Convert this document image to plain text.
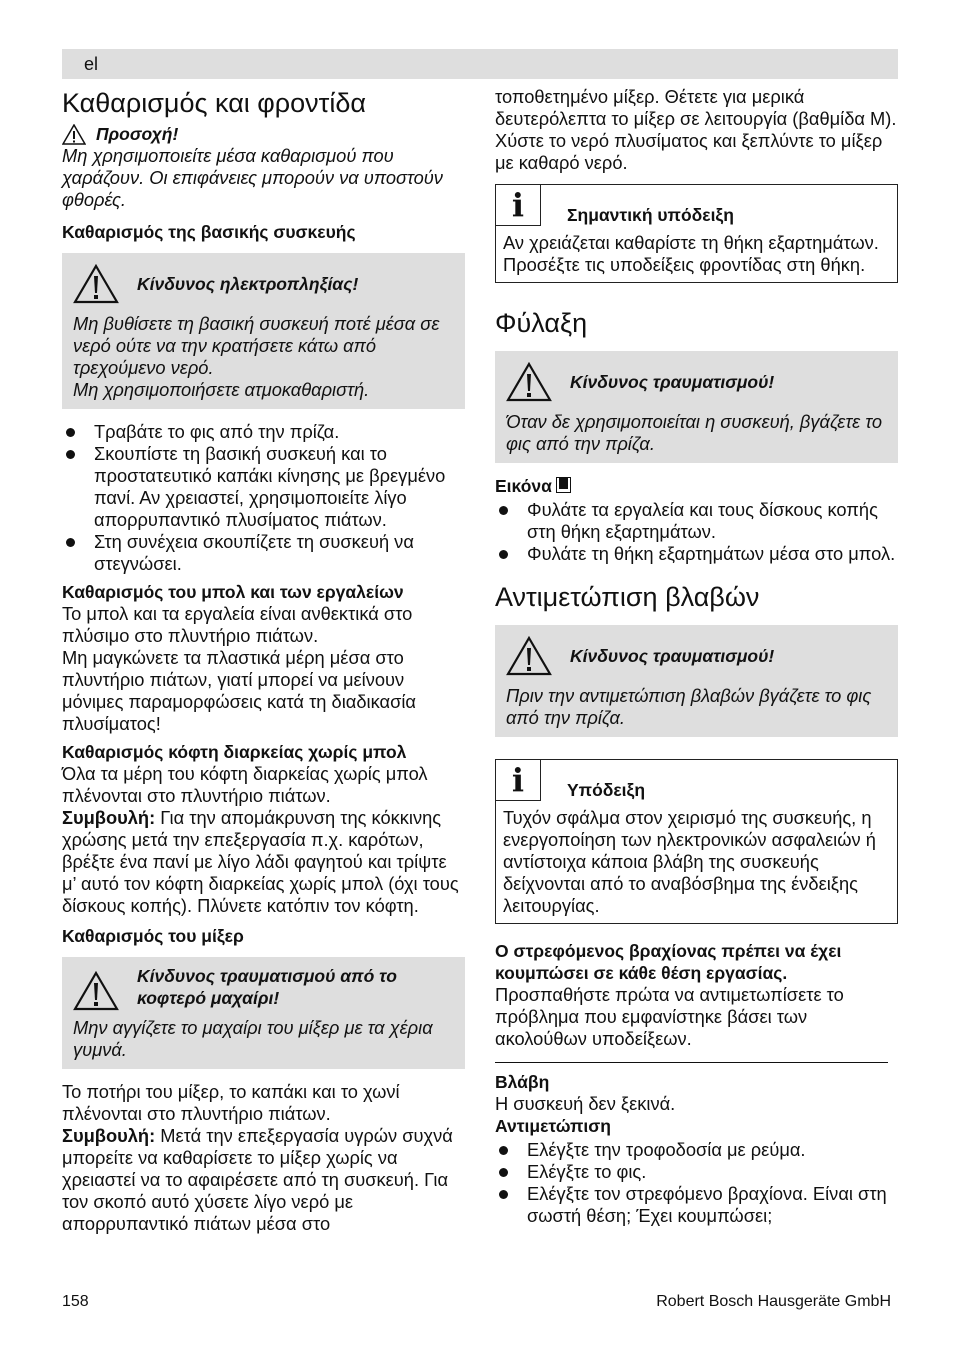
el
Καθαρισμός και φροντίδα
Προσοχή!

Μη χρησιμοποιείτε μέσα καθαρισμού που χαράζουν. Οι επιφάνειες μπορούν να υποστούν φθορές.

Καθαρισμός της βασικής συσκευής

Κίνδυνος ηλεκτροπληξίας!

Μη βυθίσετε τη βασική συσκευή ποτέ μέσα σε νερό ούτε να την κρατήσετε κάτω από τρεχούμενο νερό.

Μη χρησιμοποιήσετε ατμοκαθαριστή.

Τραβάτε το φις από την πρίζα.
Σκουπίστε τη βασική συσκευή και το προστατευτικό καπάκι κίνησης με βρεγμένο πανί. Αν χρειαστεί, χρησιμοποιείτε λίγο απορρυπαντικό πλυσίματος πιάτων.
Στη συνέχεια σκουπίζετε τη συσκευή να στεγνώσει.

Καθαρισμός του μπολ και των εργαλείων

Το μπολ και τα εργαλεία είναι ανθεκτικά στο πλύσιμο στο πλυντήριο πιάτων.

Μη μαγκώνετε τα πλαστικά μέρη μέσα στο πλυντήριο πιάτων, γιατί μπορεί να μείνουν μόνιμες παραμορφώσεις κατά τη διαδικασία πλυσίματος!

Καθαρισμός κόφτη διαρκείας χωρίς μπολ

Όλα τα μέρη του κόφτη διαρκείας χωρίς μπολ πλένονται στο πλυντήριο πιάτων.

Συμβουλή: Για την απομάκρυνση της κόκκινης χρώσης μετά την επεξεργασία π.χ. καρότων, βρέξτε ένα πανί με λίγο λάδι φαγητού και τρίψτε μ’ αυτό τον κόφτη διαρκείας χωρίς μπολ (όχι τους δίσκους κοπής). Πλύνετε κατόπιν τον κόφτη.

Καθαρισμός του μίξερ

Κίνδυνος τραυματισμού από το κοφτερό μαχαίρι!

Μην αγγίζετε το μαχαίρι του μίξερ με τα χέρια γυμνά.

Το ποτήρι του μίξερ, το καπάκι και το χωνί πλένονται στο πλυντήριο πιάτων.

Συμβουλή: Μετά την επεξεργασία υγρών συχνά μπορείτε να καθαρίσετε το μίξερ χωρίς να χρειαστεί να το αφαιρέσετε από τη συσκευή. Για τον σκοπό αυτό χύσετε λίγο νερό με απορρυπαντικό πιάτων μέσα στο

τοποθετημένο μίξερ. Θέτετε για μερικά δευτερόλεπτα το μίξερ σε λειτουργία (βαθμίδα M). Χύστε το νερό πλυσίματος και ξεπλύντε το μίξερ με καθαρό νερό.

i	Σημαντική υπόδειξη

Αν χρειάζεται καθαρίστε τη θήκη εξαρτημάτων. Προσέξτε τις υποδείξεις φροντίδας στη θήκη.

Φύλαξη
Κίνδυνος τραυματισμού!

Όταν δε χρησιμοποιείται η συσκευή, βγάζετε το φις από την πρίζα.

Εικόνα

Φυλάτε τα εργαλεία και τους δίσκους κοπής στη θήκη εξαρτημάτων.
Φυλάτε τη θήκη εξαρτημάτων μέσα στο μπολ.
Αντιμετώπιση βλαβών
Κίνδυνος τραυματισμού!

Πριν την αντιμετώπιση βλαβών βγάζετε το φις από την πρίζα.

i	Υπόδειξη

Τυχόν σφάλμα στον χειρισμό της συσκευής, η ενεργοποίηση των ηλεκτρονικών ασφαλειών ή αντίστοιχα κάποια βλάβη της συσκευής δείχνονται από το αναβόσβημα της ένδειξης λειτουργίας.

Ο στρεφόμενος βραχίονας πρέπει να έχει κουμπώσει σε κάθε θέση εργασίας.

Προσπαθήστε πρώτα να αντιμετωπίσετε το πρόβλημα που εμφανίστηκε βάσει των ακολούθων υποδείξεων.

Βλάβη

Η συσκευή δεν ξεκινά.

Αντιμετώπιση

Ελέγξτε την τροφοδοσία με ρεύμα.
Ελέγξτε το φις.
Ελέγξτε τον στρεφόμενο βραχίονα. Είναι στη σωστή θέση; Έχει κουμπώσει;
158	Robert Bosch Hausgeräte GmbH
